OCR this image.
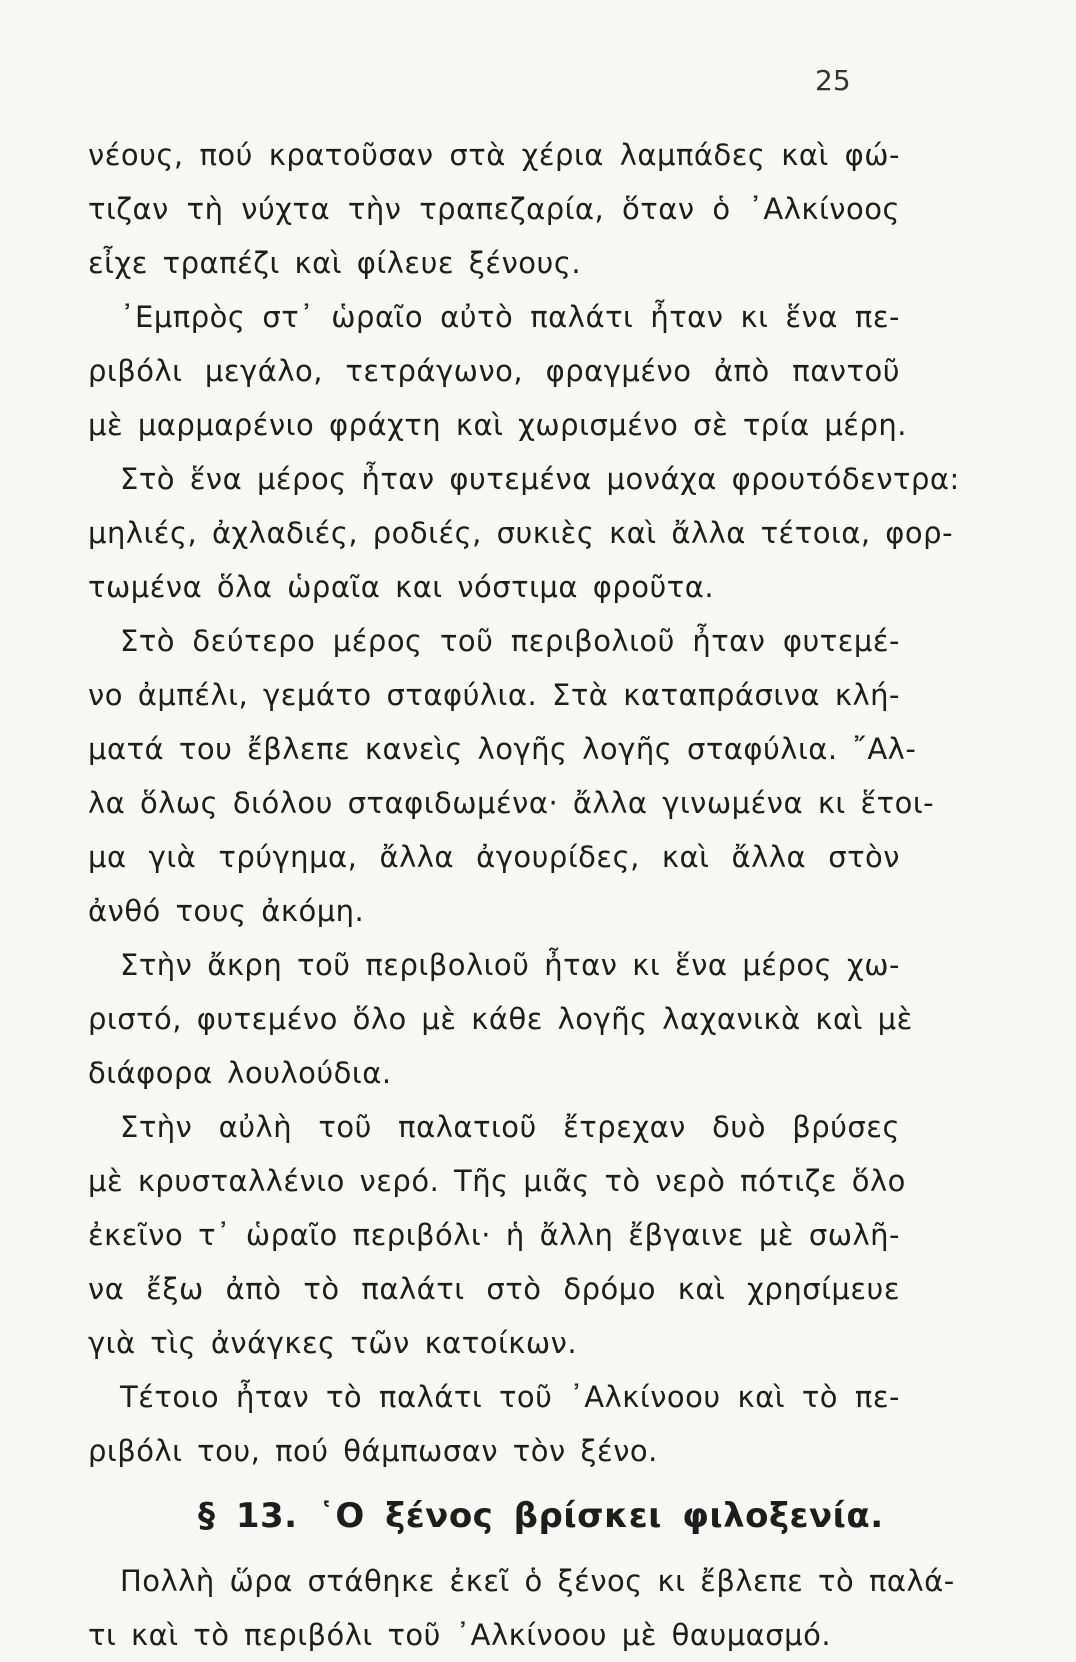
25
νέους, πού κρατοῦσαν στὰ χέρια λαμπάδες καὶ φώ-
τιζαν τὴ νύχτα τὴν τραπεζαρία, ὅταν ὁ ᾿Αλκίνοος
εἶχε τραπέζι καὶ φίλευε ξένους.
᾿Εμπρὸς στ᾿ ὡραῖο αὐτὸ παλάτι ἦταν κι ἕνα πε-
ριβόλι μεγάλο, τετράγωνο, φραγμένο ἀπὸ παντοῦ
μὲ μαρμαρένιο φράχτη καὶ χωρισμένο σὲ τρία μέρη.
Στὸ ἕνα μέρος ἦταν φυτεμένα μονάχα φρουτόδεντρα:
μηλιές, ἀχλαδιές, ροδιές, συκιὲς καὶ ἄλλα τέτοια, φορ-
τωμένα ὅλα ὡραῖα και νόστιμα φροῦτα.
Στὸ δεύτερο μέρος τοῦ περιβολιοῦ ἦταν φυτεμέ-
νο ἀμπέλι, γεμάτο σταφύλια. Στὰ καταπράσινα κλή-
ματά του ἔβλεπε κανεὶς λογῆς λογῆς σταφύλια. ῎Αλ-
λα ὅλως διόλου σταφιδωμένα· ἄλλα γινωμένα κι ἕτοι-
μα γιὰ τρύγημα, ἄλλα ἀγουρίδες, καὶ ἄλλα στὸν
ἀνθό τους ἀκόμη.
Στὴν ἄκρη τοῦ περιβολιοῦ ἦταν κι ἕνα μέρος χω-
ριστό, φυτεμένο ὅλο μὲ κάθε λογῆς λαχανικὰ καὶ μὲ
διάφορα λουλούδια.
Στὴν αὐλὴ τοῦ παλατιοῦ ἔτρεχαν δυὸ βρύσες
μὲ κρυσταλλένιο νερό. Τῆς μιᾶς τὸ νερὸ πότιζε ὅλο
ἐκεῖνο τ᾿ ὡραῖο περιβόλι· ἡ ἄλλη ἔβγαινε μὲ σωλῆ-
να ἔξω ἀπὸ τὸ παλάτι στὸ δρόμο καὶ χρησίμευε
γιὰ τὶς ἀνάγκες τῶν κατοίκων.
Τέτοιο ἦταν τὸ παλάτι τοῦ ᾿Αλκίνοου καὶ τὸ πε-
ριβόλι του, πού θάμπωσαν τὸν ξένο.
§ 13. ῾Ο ξένος βρίσκει φιλοξενία.
Πολλὴ ὥρα στάθηκε ἐκεῖ ὁ ξένος κι ἔβλεπε τὸ παλά-
τι καὶ τὸ περιβόλι τοῦ ᾿Αλκίνοου μὲ θαυμασμό.
